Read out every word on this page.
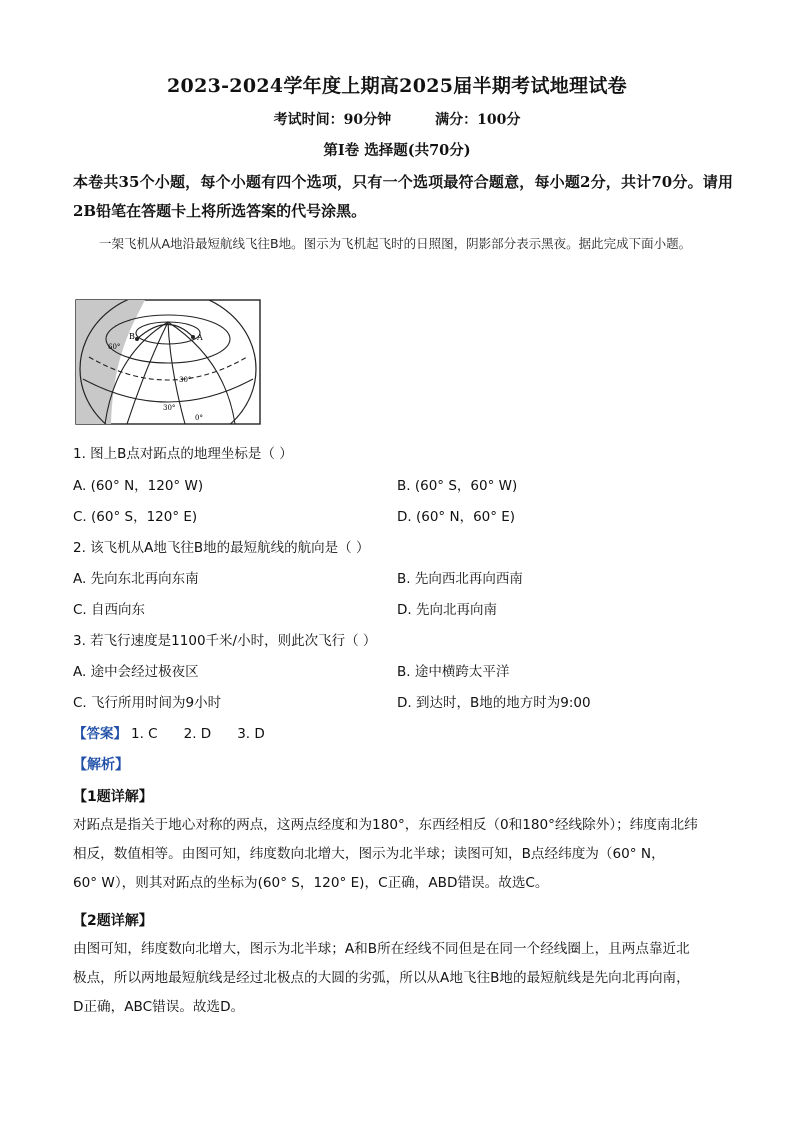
2023-2024学年度上期高2025届半期考试地理试卷
考试时间：90分钟	满分：100分
第Ⅰ卷 选择题(共70分)
本卷共35个小题，每个小题有四个选项，只有一个选项最符合题意，每小题2分，共计70分。请用2B铅笔在答题卡上将所选答案的代号涂黑。
一架飞机从A地沿最短航线飞往B地。图示为飞机起飞时的日照图，阴影部分表示黑夜。据此完成下面小题。
B	A
60°
30°
30°
0°
1. 图上B点对跖点的地理坐标是（ ）
A. (60° N，120° W)	B. (60° S，60° W)
C. (60° S，120° E)	D. (60° N，60° E)
2. 该飞机从A地飞往B地的最短航线的航向是（ ）
A. 先向东北再向东南	B. 先向西北再向西南
C. 自西向东	D. 先向北再向南
3. 若飞行速度是1100千米/小时，则此次飞行（ ）
A. 途中会经过极夜区	B. 途中横跨太平洋
C. 飞行所用时间为9小时	D. 到达时，B地的地方时为9:00
【答案】 1. C 2. D 3. D
【解析】
【1题详解】
对跖点是指关于地心对称的两点，这两点经度和为180°，东西经相反（0和180°经线除外）；纬度南北纬
相反，数值相等。由图可知，纬度数向北增大，图示为北半球；读图可知，B点经纬度为（60° N，
60° W），则其对跖点的坐标为(60° S，120° E)，C正确，ABD错误。故选C。
【2题详解】
由图可知，纬度数向北增大，图示为北半球；A和B所在经线不同但是在同一个经线圈上，且两点靠近北
极点，所以两地最短航线是经过北极点的大圆的劣弧，所以从A地飞往B地的最短航线是先向北再向南，
D正确，ABC错误。故选D。
